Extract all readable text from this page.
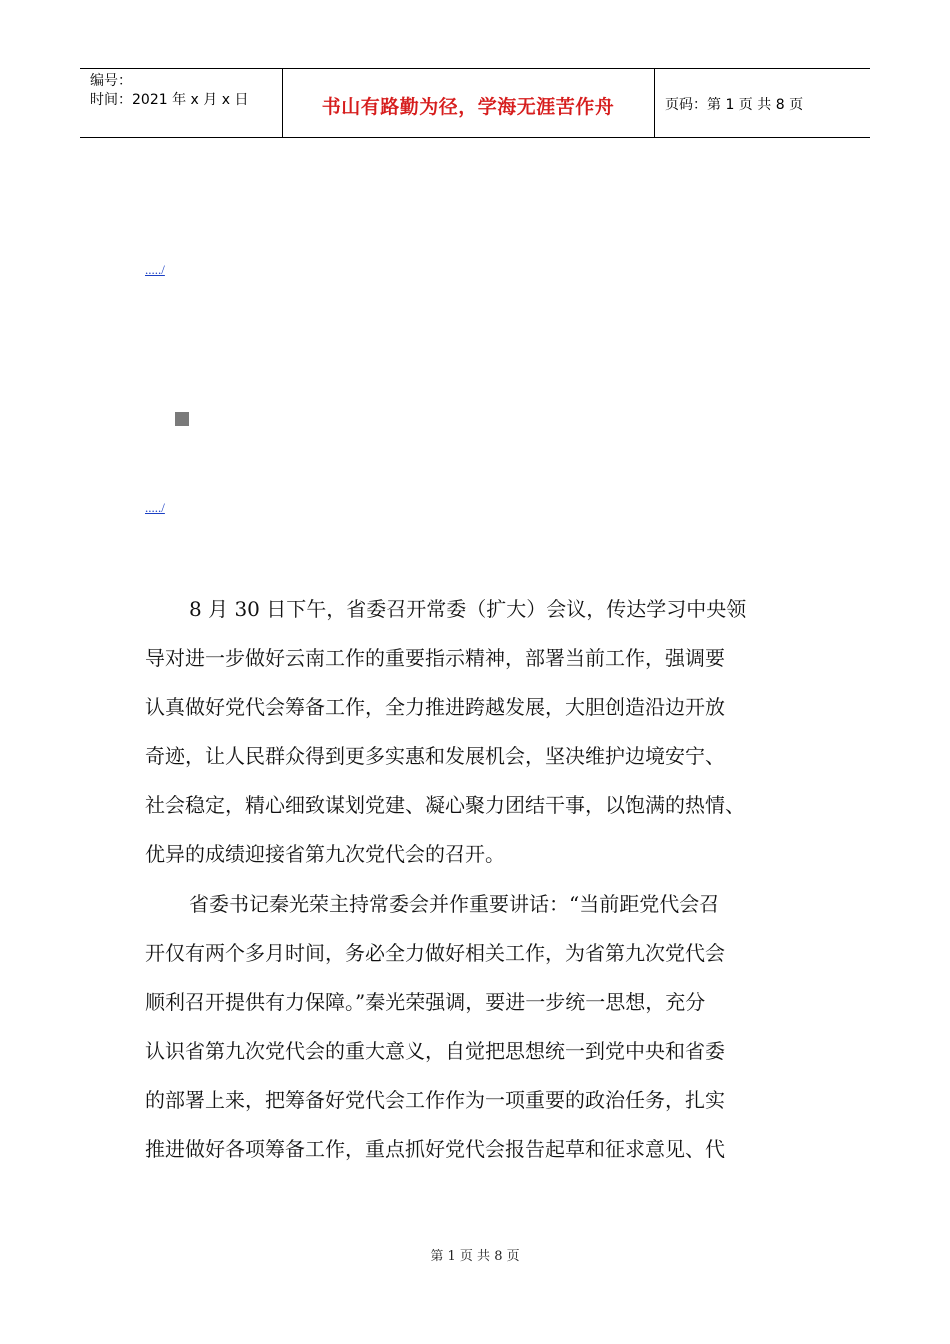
编号：
时间：2021 年 x 月 x 日	书山有路勤为径，学海无涯苦作舟	页码：第 1 页 共 8 页
...../
...../
8 月 30 日下午，省委召开常委（扩大）会议，传达学习中央领
导对进一步做好云南工作的重要指示精神，部署当前工作，强调要
认真做好党代会筹备工作，全力推进跨越发展，大胆创造沿边开放
奇迹，让人民群众得到更多实惠和发展机会，坚决维护边境安宁、
社会稳定，精心细致谋划党建、凝心聚力团结干事，以饱满的热情、
优异的成绩迎接省第九次党代会的召开。
省委书记秦光荣主持常委会并作重要讲话：“当前距党代会召
开仅有两个多月时间，务必全力做好相关工作，为省第九次党代会
顺利召开提供有力保障。”秦光荣强调，要进一步统一思想，充分
认识省第九次党代会的重大意义，自觉把思想统一到党中央和省委
的部署上来，把筹备好党代会工作作为一项重要的政治任务，扎实
推进做好各项筹备工作，重点抓好党代会报告起草和征求意见、代
第 1 页 共 8 页
